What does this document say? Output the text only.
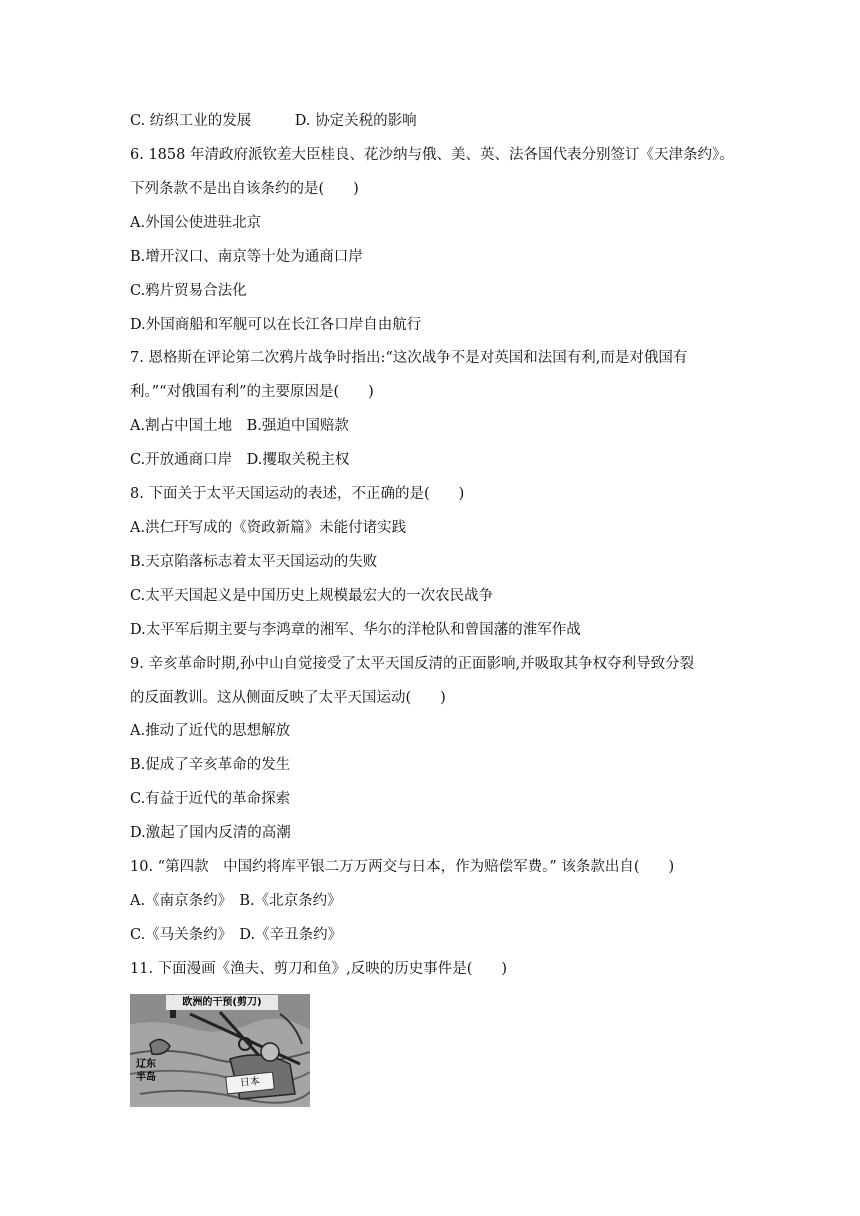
C. 纺织工业的发展　　　D. 协定关税的影响
6. 1858 年清政府派钦差大臣桂良、花沙纳与俄、美、英、法各国代表分别签订《天津条约》。
下列条款不是出自该条约的是(　　)
A.外国公使进驻北京
B.增开汉口、南京等十处为通商口岸
C.鸦片贸易合法化
D.外国商船和军舰可以在长江各口岸自由航行
7. 恩格斯在评论第二次鸦片战争时指出:“这次战争不是对英国和法国有利,而是对俄国有
利。”“对俄国有利”的主要原因是(　　)
A.割占中国土地　B.强迫中国赔款
C.开放通商口岸　D.攫取关税主权
8. 下面关于太平天国运动的表述，不正确的是(　　)
A.洪仁玕写成的《资政新篇》未能付诸实践
B.天京陷落标志着太平天国运动的失败
C.太平天国起义是中国历史上规模最宏大的一次农民战争
D.太平军后期主要与李鸿章的湘军、华尔的洋枪队和曾国藩的淮军作战
9. 辛亥革命时期,孙中山自觉接受了太平天国反清的正面影响,并吸取其争权夺利导致分裂
的反面教训。这从侧面反映了太平天国运动(　　)
A.推动了近代的思想解放
B.促成了辛亥革命的发生
C.有益于近代的革命探索
D.激起了国内反清的高潮
10. “第四款　中国约将库平银二万万两交与日本，作为赔偿军费。” 该条款出自(　　)
A.《南京条约》　B.《北京条约》
C.《马关条约》　D.《辛丑条约》
11. 下面漫画《渔夫、剪刀和鱼》,反映的历史事件是(　　)
欧洲的干预(剪刀)
辽东半岛	日本
